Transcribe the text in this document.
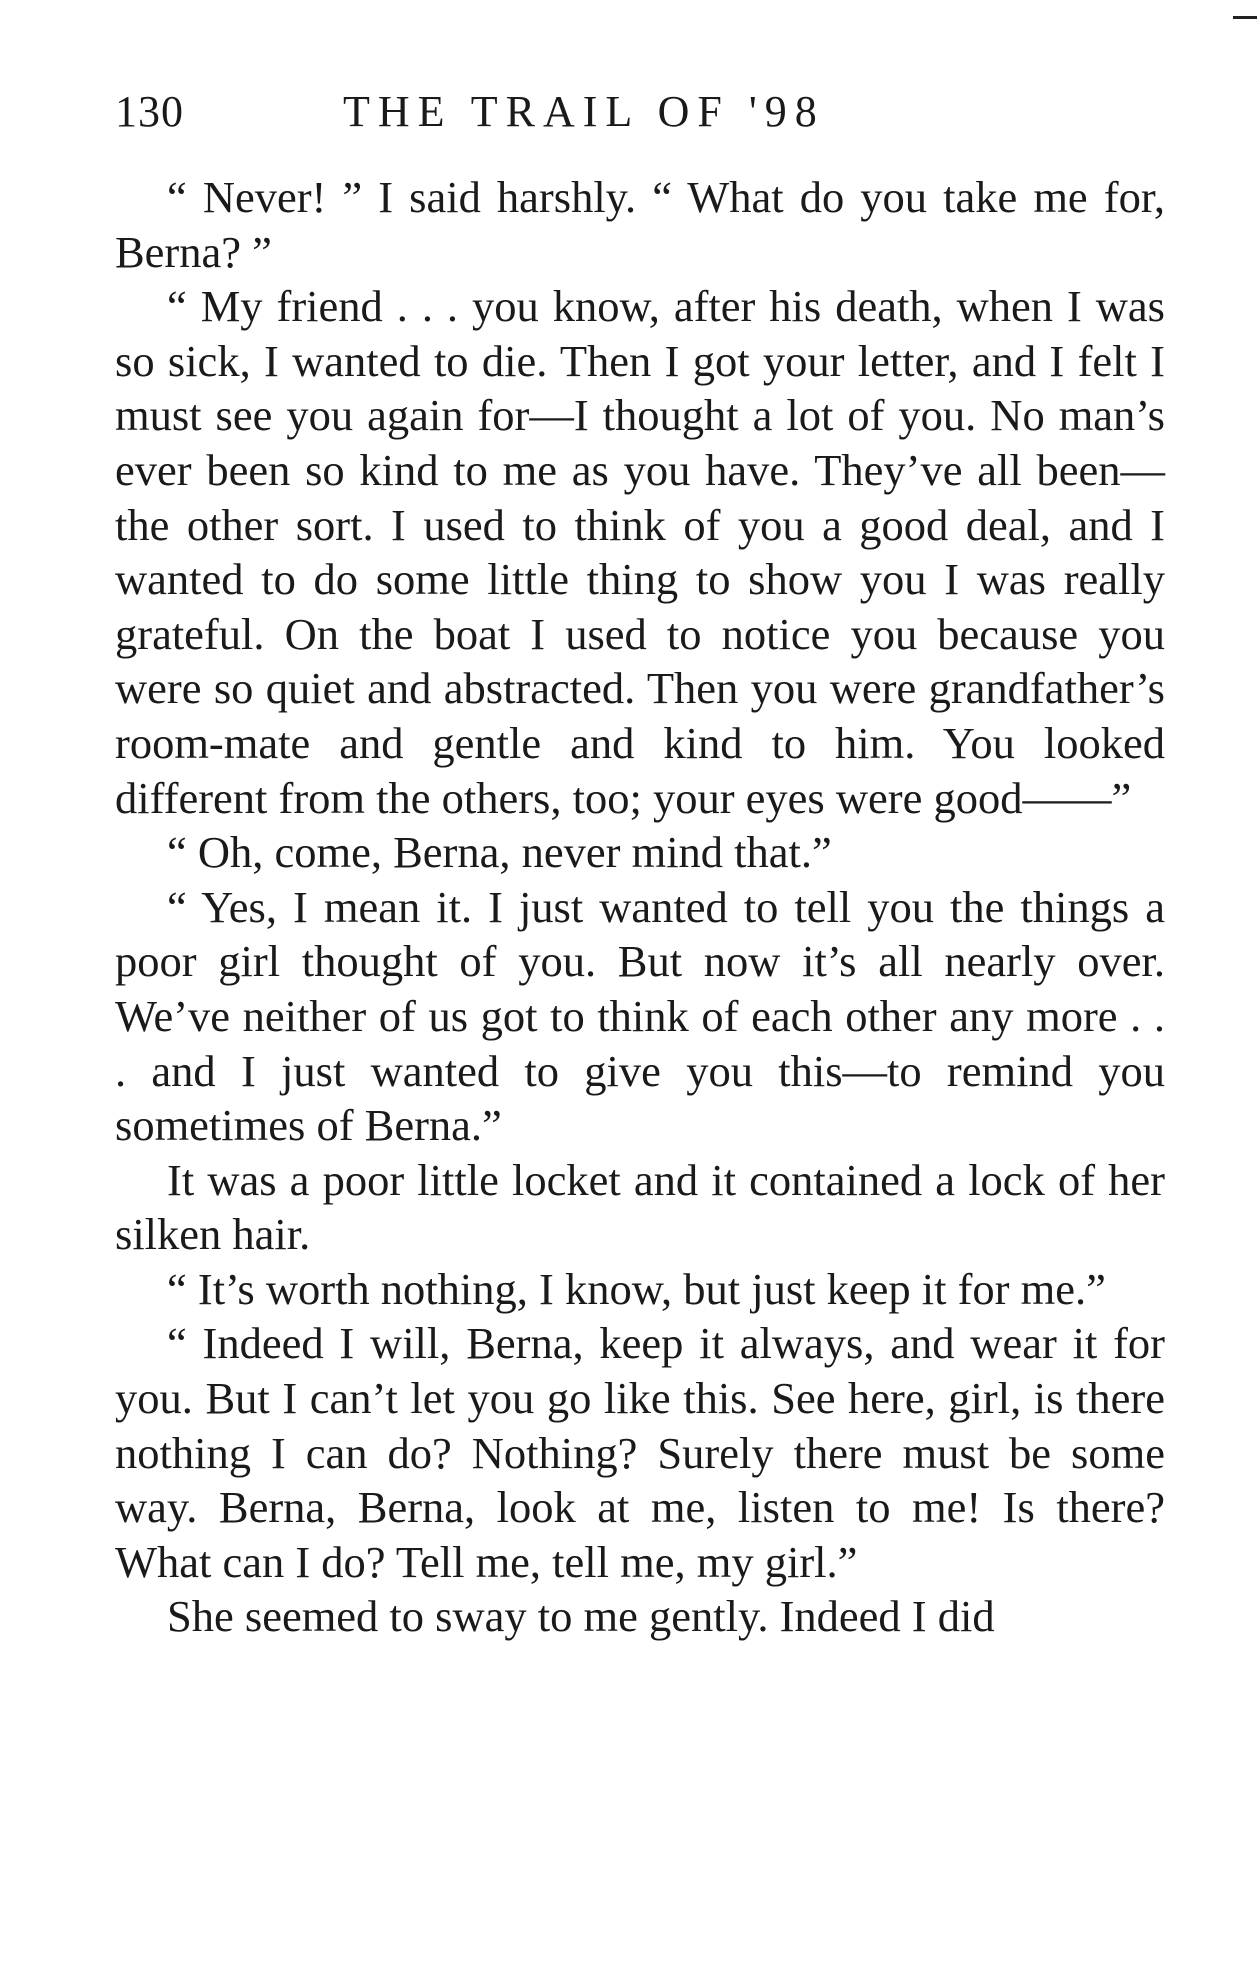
130	THE TRAIL OF '98

“ Never! ” I said harshly. “ What do you take me for, Berna? ”

“ My friend . . . you know, after his death, when I was so sick, I wanted to die. Then I got your letter, and I felt I must see you again for—I thought a lot of you. No man’s ever been so kind to me as you have. They’ve all been—the other sort. I used to think of you a good deal, and I wanted to do some little thing to show you I was really grateful. On the boat I used to notice you because you were so quiet and abstracted. Then you were grandfather’s room-mate and gentle and kind to him. You looked different from the others, too; your eyes were good——”

“ Oh, come, Berna, never mind that.”

“ Yes, I mean it. I just wanted to tell you the things a poor girl thought of you. But now it’s all nearly over. We’ve neither of us got to think of each other any more . . . and I just wanted to give you this—to remind you sometimes of Berna.”

It was a poor little locket and it contained a lock of her silken hair.

“ It’s worth nothing, I know, but just keep it for me.”

“ Indeed I will, Berna, keep it always, and wear it for you. But I can’t let you go like this. See here, girl, is there nothing I can do? Nothing? Surely there must be some way. Berna, Berna, look at me, listen to me! Is there? What can I do? Tell me, tell me, my girl.”

She seemed to sway to me gently. Indeed I did
